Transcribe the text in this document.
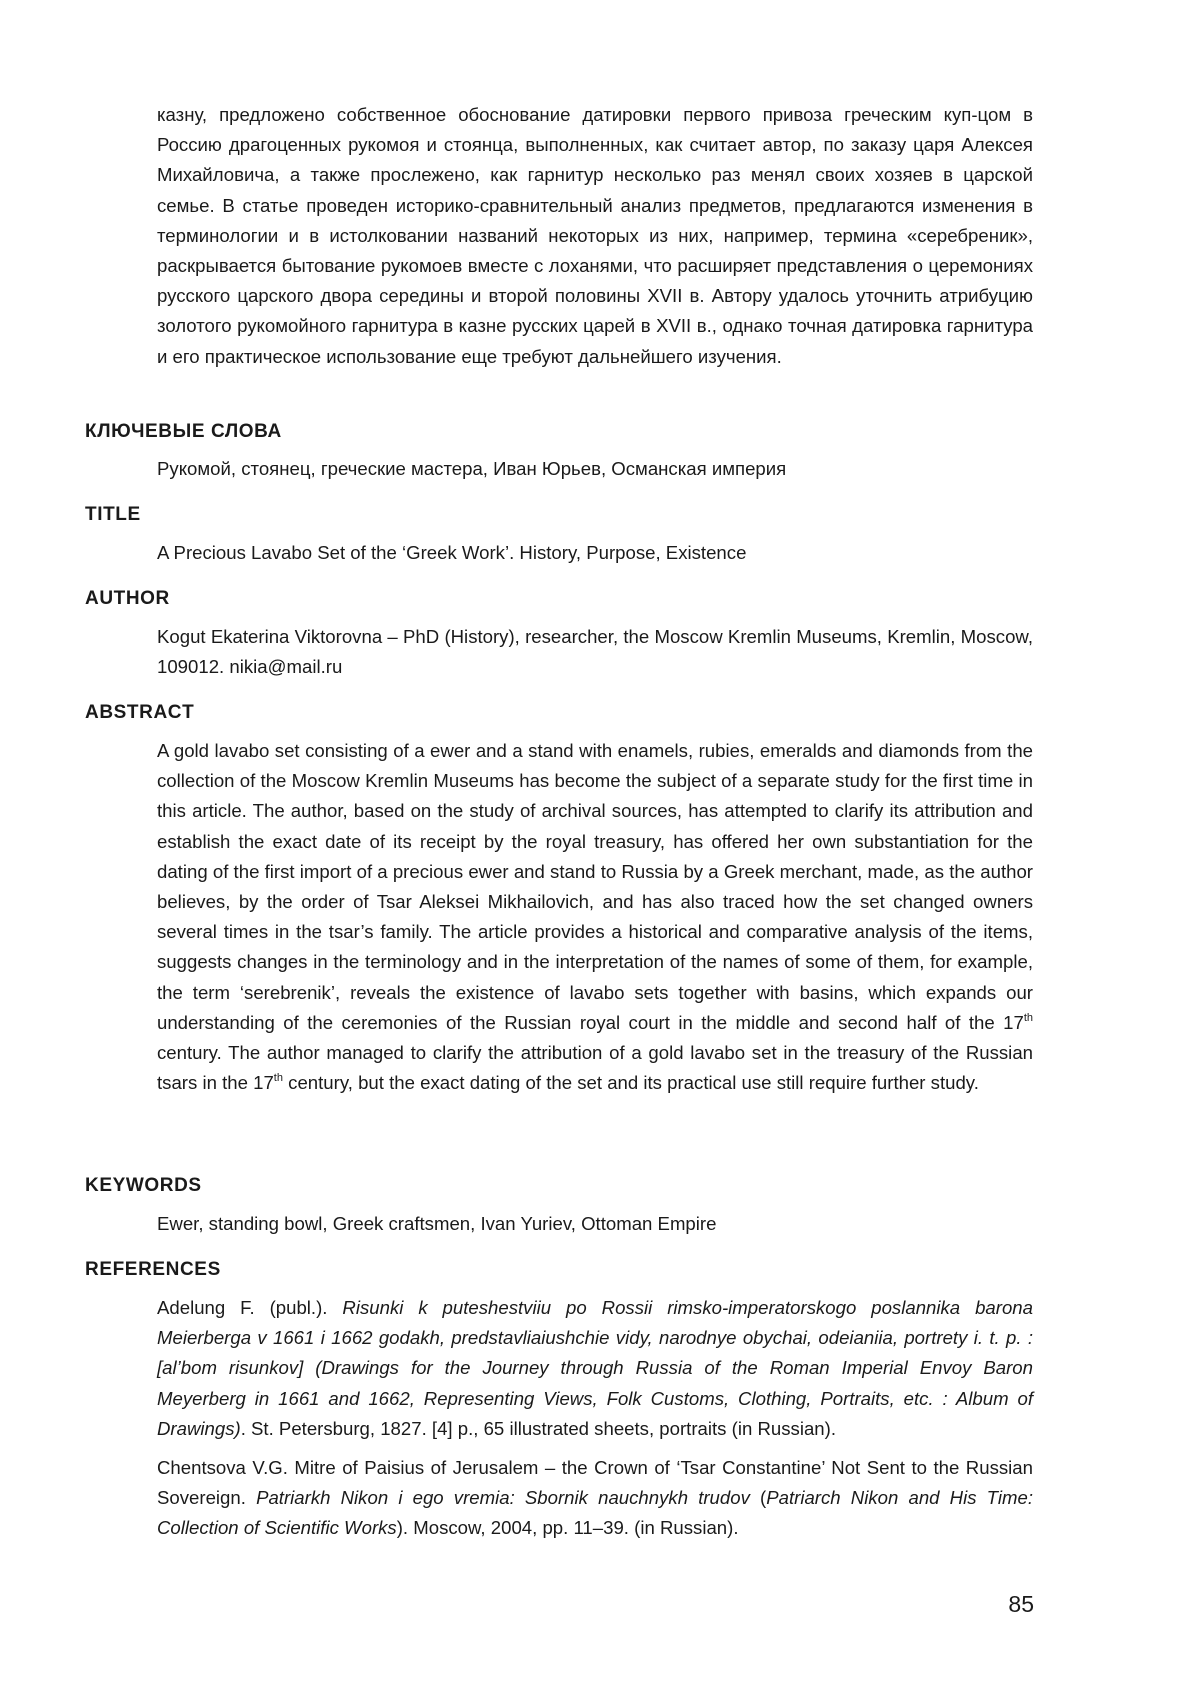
казну, предложено собственное обоснование датировки первого привоза греческим куп-цом в Россию драгоценных рукомоя и стоянца, выполненных, как считает автор, по заказу царя Алексея Михайловича, а также прослежено, как гарнитур несколько раз менял своих хозяев в царской семье. В статье проведен историко-сравнительный анализ предметов, предлагаются изменения в терминологии и в истолковании названий некоторых из них, например, термина «серебреник», раскрывается бытование рукомоев вместе с лоханями, что расширяет представления о церемониях русского царского двора середины и второй половины XVII в. Автору удалось уточнить атрибуцию золотого рукомойного гарнитура в казне русских царей в XVII в., однако точная датировка гарнитура и его практическое использование еще требуют дальнейшего изучения.

КЛЮЧЕВЫЕ СЛОВА

Рукомой, стоянец, греческие мастера, Иван Юрьев, Османская империя

TITLE

A Precious Lavabo Set of the ‘Greek Work’. History, Purpose, Existence

AUTHOR

Kogut Ekaterina Viktorovna – PhD (History), researcher, the Moscow Kremlin Museums, Kremlin, Moscow, 109012. nikia@mail.ru

ABSTRACT

A gold lavabo set consisting of a ewer and a stand with enamels, rubies, emeralds and diamonds from the collection of the Moscow Kremlin Museums has become the subject of a separate study for the first time in this article. The author, based on the study of archival sources, has attempted to clarify its attribution and establish the exact date of its receipt by the royal treasury, has offered her own substantiation for the dating of the first import of a precious ewer and stand to Russia by a Greek merchant, made, as the author believes, by the order of Tsar Aleksei Mikhailovich, and has also traced how the set changed owners several times in the tsar’s family. The article provides a historical and comparative analysis of the items, suggests changes in the terminology and in the interpretation of the names of some of them, for example, the term ‘serebrenik’, reveals the existence of lavabo sets together with basins, which expands our understanding of the ceremonies of the Russian royal court in the middle and second half of the 17th century. The author managed to clarify the attribution of a gold lavabo set in the treasury of the Russian tsars in the 17th century, but the exact dating of the set and its practical use still require further study.

KEYWORDS

Ewer, standing bowl, Greek craftsmen, Ivan Yuriev, Ottoman Empire

REFERENCES

Adelung F. (publ.). Risunki k puteshestviiu po Rossii rimsko-imperatorskogo poslannika barona Meierberga v 1661 i 1662 godakh, predstavliaiushchie vidy, narodnye obychai, odeianiia, portrety i. t. p. : [al’bom risunkov] (Drawings for the Journey through Russia of the Roman Imperial Envoy Baron Meyerberg in 1661 and 1662, Representing Views, Folk Customs, Clothing, Portraits, etc. : Album of Drawings). St. Petersburg, 1827. [4] p., 65 illustrated sheets, portraits (in Russian).

Chentsova V.G. Mitre of Paisius of Jerusalem – the Crown of ‘Tsar Constantine’ Not Sent to the Russian Sovereign. Patriarkh Nikon i ego vremia: Sbornik nauchnykh trudov (Patriarch Nikon and His Time: Collection of Scientific Works). Moscow, 2004, pp. 11–39. (in Russian).

85
